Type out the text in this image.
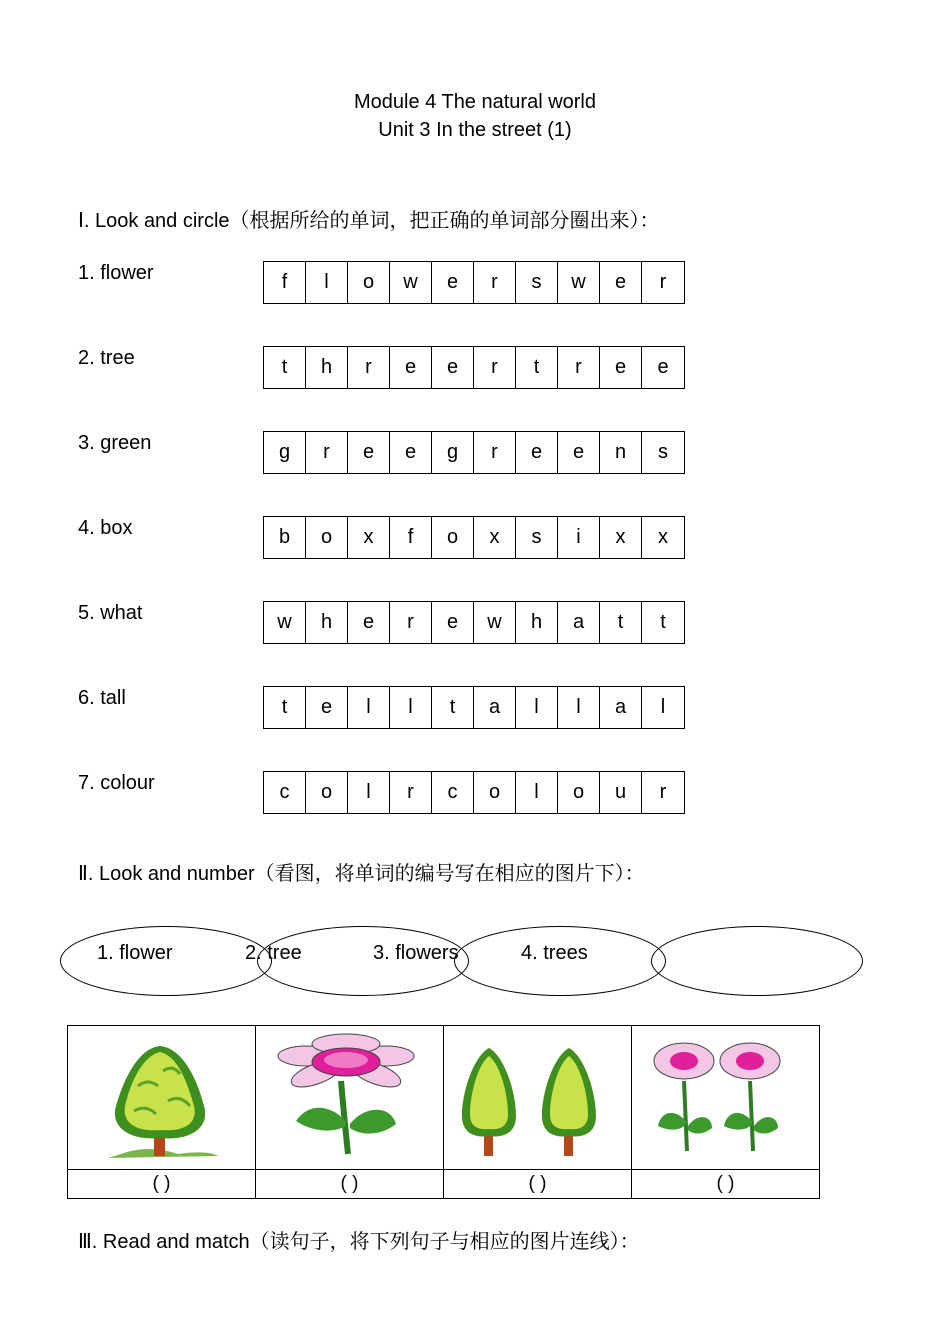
Module 4 The natural world
Unit 3 In the street (1)
Ⅰ. Look and circle（根据所给的单词，把正确的单词部分圈出来）：
1. flower	f	l	o	w	e	r	s	w	e	r
2. tree	t	h	r	e	e	r	t	r	e	e
3. green	g	r	e	e	g	r	e	e	n	s
4. box	b	o	x	f	o	x	s	i	x	x
5. what	w	h	e	r	e	w	h	a	t	t
6. tall	t	e	l	l	t	a	l	l	a	l
7. colour	c	o	l	r	c	o	l	o	u	r
Ⅱ. Look and number（看图，将单词的编号写在相应的图片下）：
1. flower	2. tree	3. flowers	4. trees

( )	( )	( )	( )
Ⅲ. Read and match（读句子，将下列句子与相应的图片连线）：
